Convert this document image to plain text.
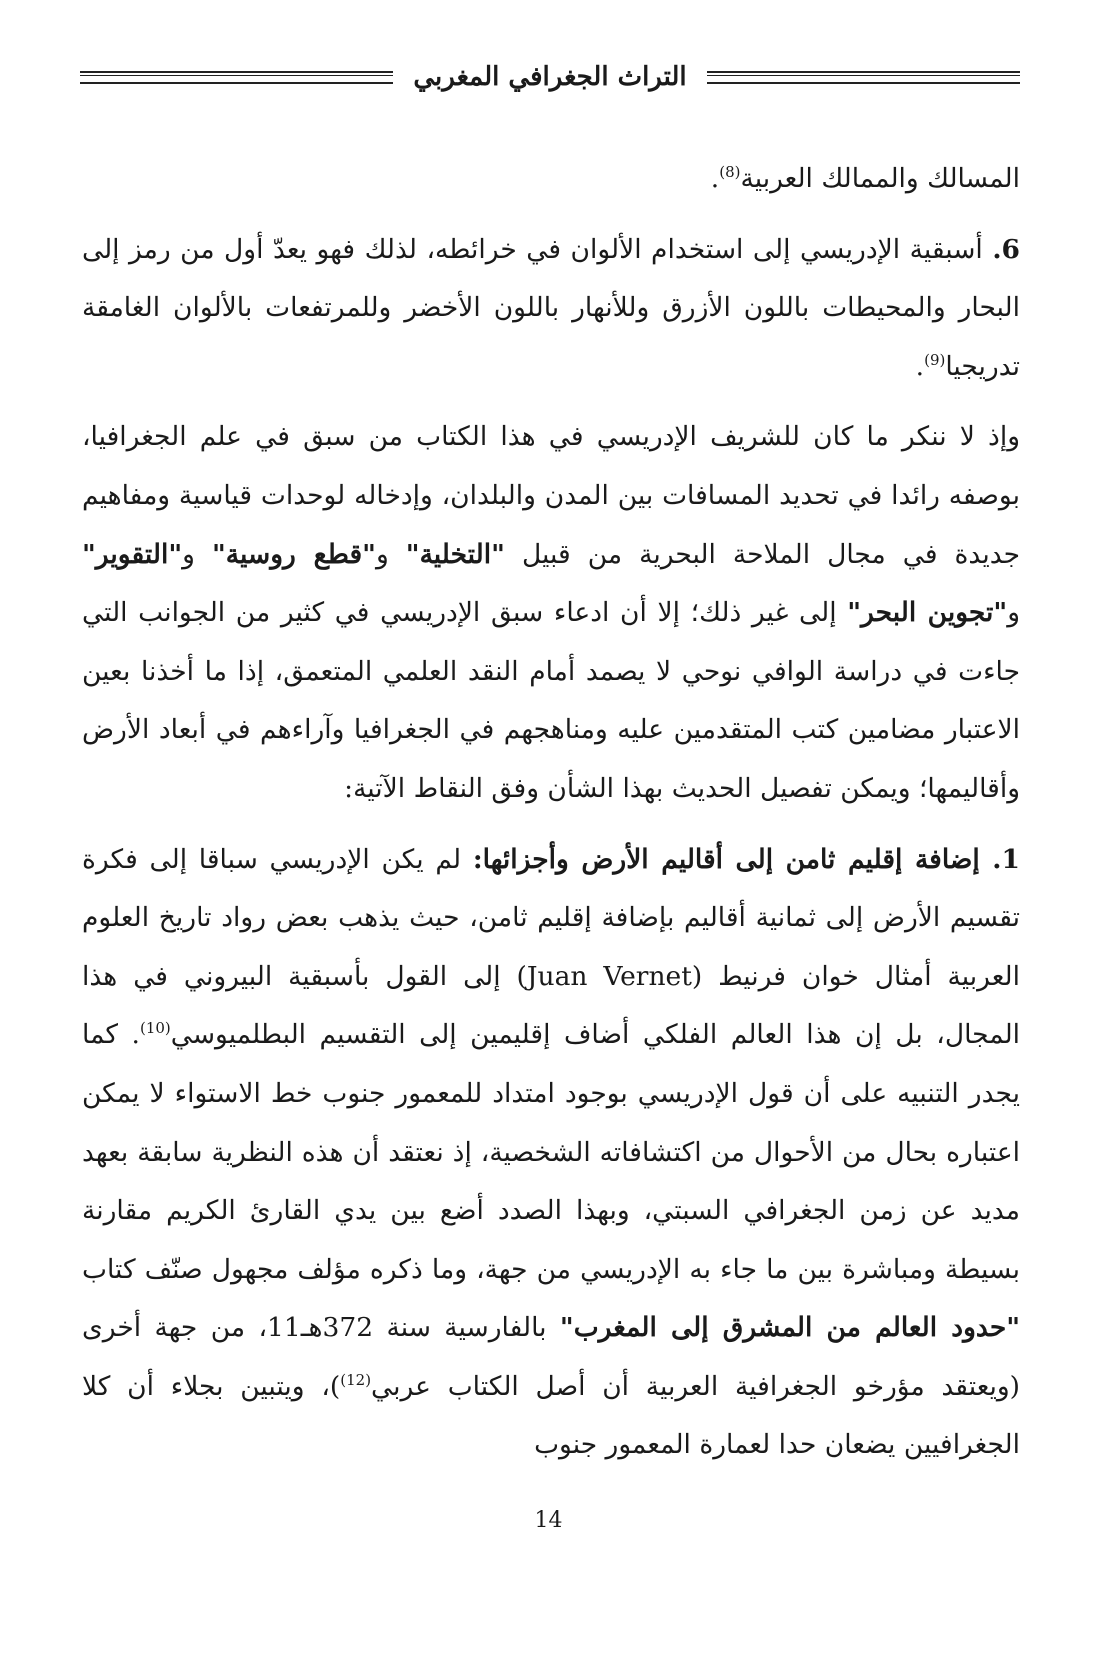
التراث الجغرافي المغربي

المسالك والممالك العربية$^{(8)}$.

6. أسبقية الإدريسي إلى استخدام الألوان في خرائطه، لذلك فهو يعدّ أول من رمز إلى البحار والمحيطات باللون الأزرق وللأنهار باللون الأخضر وللمرتفعات بالألوان الغامقة تدريجيا$^{(9)}$.

وإذ لا ننكر ما كان للشريف الإدريسي في هذا الكتاب من سبق في علم الجغرافيا، بوصفه رائدا في تحديد المسافات بين المدن والبلدان، وإدخاله لوحدات قياسية ومفاهيم جديدة في مجال الملاحة البحرية من قبيل "التخلية" و"قطع روسية" و"التقوير" و"تجوين البحر" إلى غير ذلك؛ إلا أن ادعاء سبق الإدريسي في كثير من الجوانب التي جاءت في دراسة الوافي نوحي لا يصمد أمام النقد العلمي المتعمق، إذا ما أخذنا بعين الاعتبار مضامين كتب المتقدمين عليه ومناهجهم في الجغرافيا وآراءهم في أبعاد الأرض وأقاليمها؛ ويمكن تفصيل الحديث بهذا الشأن وفق النقاط الآتية:

1. إضافة إقليم ثامن إلى أقاليم الأرض وأجزائها: لم يكن الإدريسي سباقا إلى فكرة تقسيم الأرض إلى ثمانية أقاليم بإضافة إقليم ثامن، حيث يذهب بعض رواد تاريخ العلوم العربية أمثال خوان فرنيط (Juan Vernet) إلى القول بأسبقية البيروني في هذا المجال، بل إن هذا العالم الفلكي أضاف إقليمين إلى التقسيم البطلميوسي$^{(10)}$. كما يجدر التنبيه على أن قول الإدريسي بوجود امتداد للمعمور جنوب خط الاستواء لا يمكن اعتباره بحال من الأحوال من اكتشافاته الشخصية، إذ نعتقد أن هذه النظرية سابقة بعهد مديد عن زمن الجغرافي السبتي، وبهذا الصدد أضع بين يدي القارئ الكريم مقارنة بسيطة ومباشرة بين ما جاء به الإدريسي من جهة، وما ذكره مؤلف مجهول صنّف كتاب "حدود العالم من المشرق إلى المغرب" بالفارسية سنة 372هـ11، من جهة أخرى (ويعتقد مؤرخو الجغرافية العربية أن أصل الكتاب عربي$^{(12)}$)، ويتبين بجلاء أن كلا الجغرافيين يضعان حدا لعمارة المعمور جنوب

14
